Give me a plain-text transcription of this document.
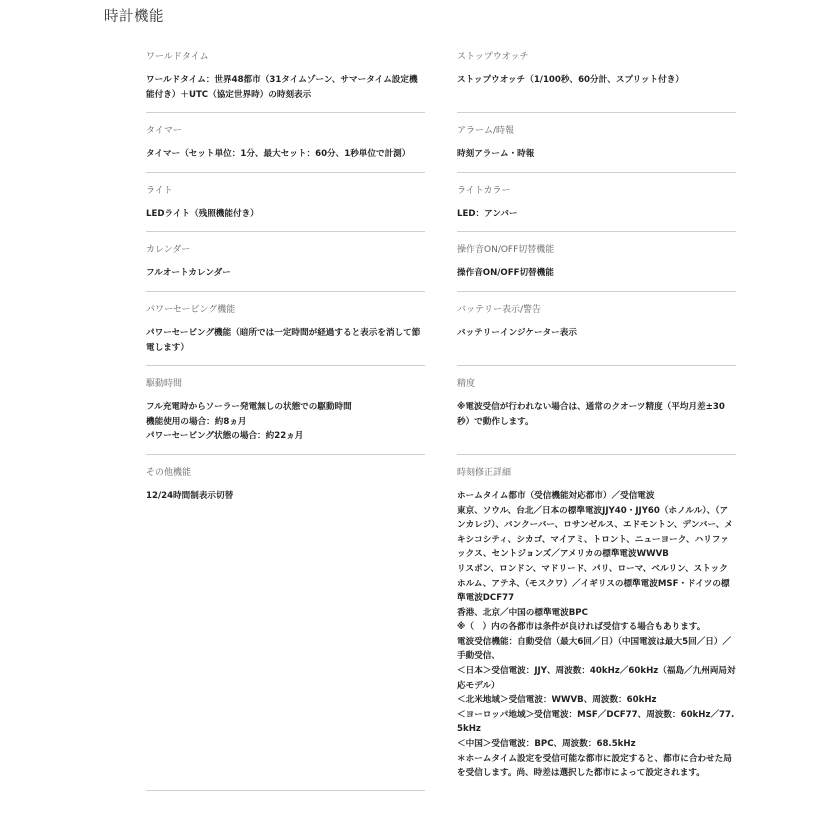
時計機能
ワールドタイム
ワールドタイム：世界48都市（31タイムゾーン、サマータイム設定機能付き）＋UTC（協定世界時）の時刻表示
ストップウオッチ
ストップウオッチ（1/100秒、60分計、スプリット付き）
タイマー
タイマー（セット単位：1分、最大セット：60分、1秒単位で計測）
アラーム/時報
時刻アラーム・時報
ライト
LEDライト（残照機能付き）
ライトカラー
LED：アンバー
カレンダー
フルオートカレンダー
操作音ON/OFF切替機能
操作音ON/OFF切替機能
パワーセービング機能
パワーセービング機能（暗所では一定時間が経過すると表示を消して節電します）
バッテリー表示/警告
バッテリーインジケーター表示
駆動時間
フル充電時からソーラー発電無しの状態での駆動時間
機能使用の場合：約8ヵ月
パワーセービング状態の場合：約22ヵ月
精度
※電波受信が行われない場合は、通常のクオーツ精度（平均月差±30秒）で動作します。
その他機能
12/24時間制表示切替
時刻修正詳細
ホームタイム都市（受信機能対応都市）／受信電波
東京、ソウル、台北／日本の標準電波JJY40・JJY60（ホノルル）、（アンカレジ）、バンクーバー、ロサンゼルス、エドモントン、デンバー、メキシコシティ、シカゴ、マイアミ、トロント、ニューヨーク、ハリファックス、セントジョンズ／アメリカの標準電波WWVB
リスボン、ロンドン、マドリード、パリ、ローマ、ベルリン、ストックホルム、アテネ、（モスクワ）／イギリスの標準電波MSF・ドイツの標準電波DCF77
香港、北京／中国の標準電波BPC
※（　）内の各都市は条件が良ければ受信する場合もあります。
電波受信機能：自動受信（最大6回／日）（中国電波は最大5回／日）／手動受信、
＜日本＞受信電波：JJY、周波数：40kHz／60kHz（福島／九州両局対応モデル）
＜北米地域＞受信電波：WWVB、周波数：60kHz
＜ヨーロッパ地域＞受信電波：MSF／DCF77、周波数：60kHz／77.5kHz
＜中国＞受信電波：BPC、周波数：68.5kHz
＊ホームタイム設定を受信可能な都市に設定すると、都市に合わせた局を受信します。尚、時差は選択した都市によって設定されます。
